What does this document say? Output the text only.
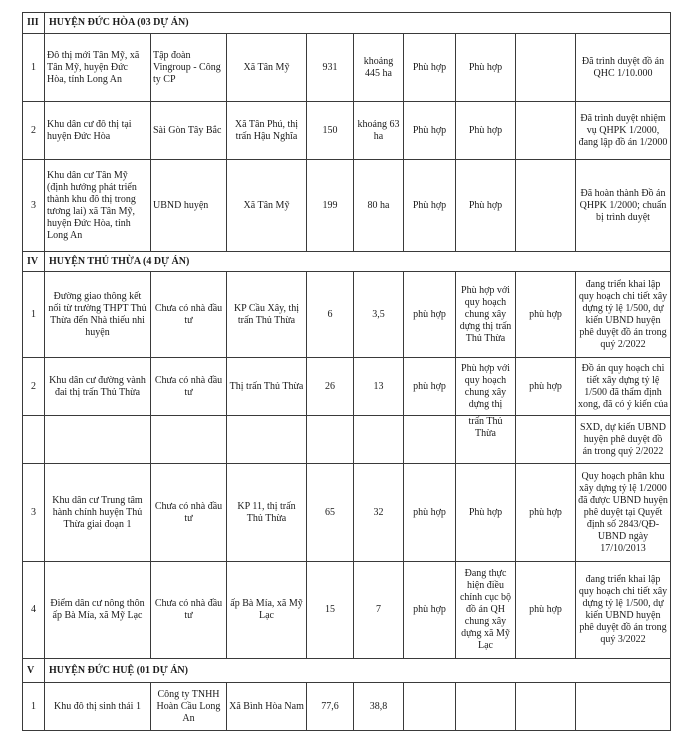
III	HUYỆN ĐỨC HÒA (03 DỰ ÁN)								
1	Đô thị mới Tân Mỹ, xã Tân Mỹ, huyện Đức Hòa, tỉnh Long An	Tập đoàn Vingroup - Công ty CP	Xã Tân Mỹ	931	khoảng 445 ha	Phù hợp	Phù hợp		Đã trình duyệt đồ án QHC 1/10.000
2	Khu dân cư đô thị tại huyện Đức Hòa	Sài Gòn Tây Bắc	Xã Tân Phú, thị trấn Hậu Nghĩa	150	khoảng 63 ha	Phù hợp	Phù hợp		Đã trình duyệt nhiệm vụ QHPK 1/2000, đang lập đồ án 1/2000
3	Khu dân cư Tân Mỹ (định hướng phát triển thành khu đô thị trong tương lai) xã Tân Mỹ, huyện Đức Hòa, tỉnh Long An	UBND huyện	Xã Tân Mỹ	199	80 ha	Phù hợp	Phù hợp		Đã hoàn thành Đồ án QHPK 1/2000; chuẩn bị trình duyệt
IV	HUYỆN THỦ THỪA (4 DỰ ÁN)								
1	Đường giao thông kết nối từ trường THPT Thủ Thừa đến Nhà thiếu nhi huyện	Chưa có nhà đầu tư	KP Cầu Xây, thị trấn Thủ Thừa	6	3,5	phù hợp	Phù hợp với quy hoạch chung xây dựng thị trấn Thủ Thừa	phù hợp	đang triển khai lập quy hoạch chi tiết xây dựng tỷ lệ 1/500, dự kiến UBND huyện phê duyệt đồ án trong quý 2/2022
2	Khu dân cư đường vành đai thị trấn Thủ Thừa	Chưa có nhà đầu tư	Thị trấn Thủ Thừa	26	13	phù hợp	Phù hợp với quy hoạch chung xây dựng thị	phù hợp	Đồ án quy hoạch chi tiết xây dựng tỷ lệ 1/500 đã thẩm định xong, đã có ý kiến của
							trấn Thủ Thừa		SXD, dự kiến UBND huyện phê duyệt đồ án trong quý 2/2022
3	Khu dân cư Trung tâm hành chính huyện Thủ Thừa giai đoạn 1	Chưa có nhà đầu tư	KP 11, thị trấn Thủ Thừa	65	32	phù hợp	Phù hợp	phù hợp	Quy hoạch phân khu xây dựng tỷ lệ 1/2000 đã được UBND huyện phê duyệt tại Quyết định số 2843/QĐ-UBND ngày 17/10/2013
4	Điểm dân cư nông thôn ấp Bà Mía, xã Mỹ Lạc	Chưa có nhà đầu tư	ấp Bà Mía, xã Mỹ Lạc	15	7	phù hợp	Đang thực hiện điều chỉnh cục bộ đồ án QH chung xây dựng xã Mỹ Lạc	phù hợp	đang triển khai lập quy hoạch chi tiết xây dựng tỷ lệ 1/500, dự kiến UBND huyện phê duyệt đồ án trong quý 3/2022
V	HUYỆN ĐỨC HUỆ (01 DỰ ÁN)								
1	Khu đô thị sinh thái 1	Công ty TNHH Hoàn Cầu Long An	Xã Bình Hòa Nam	77,6	38,8				
